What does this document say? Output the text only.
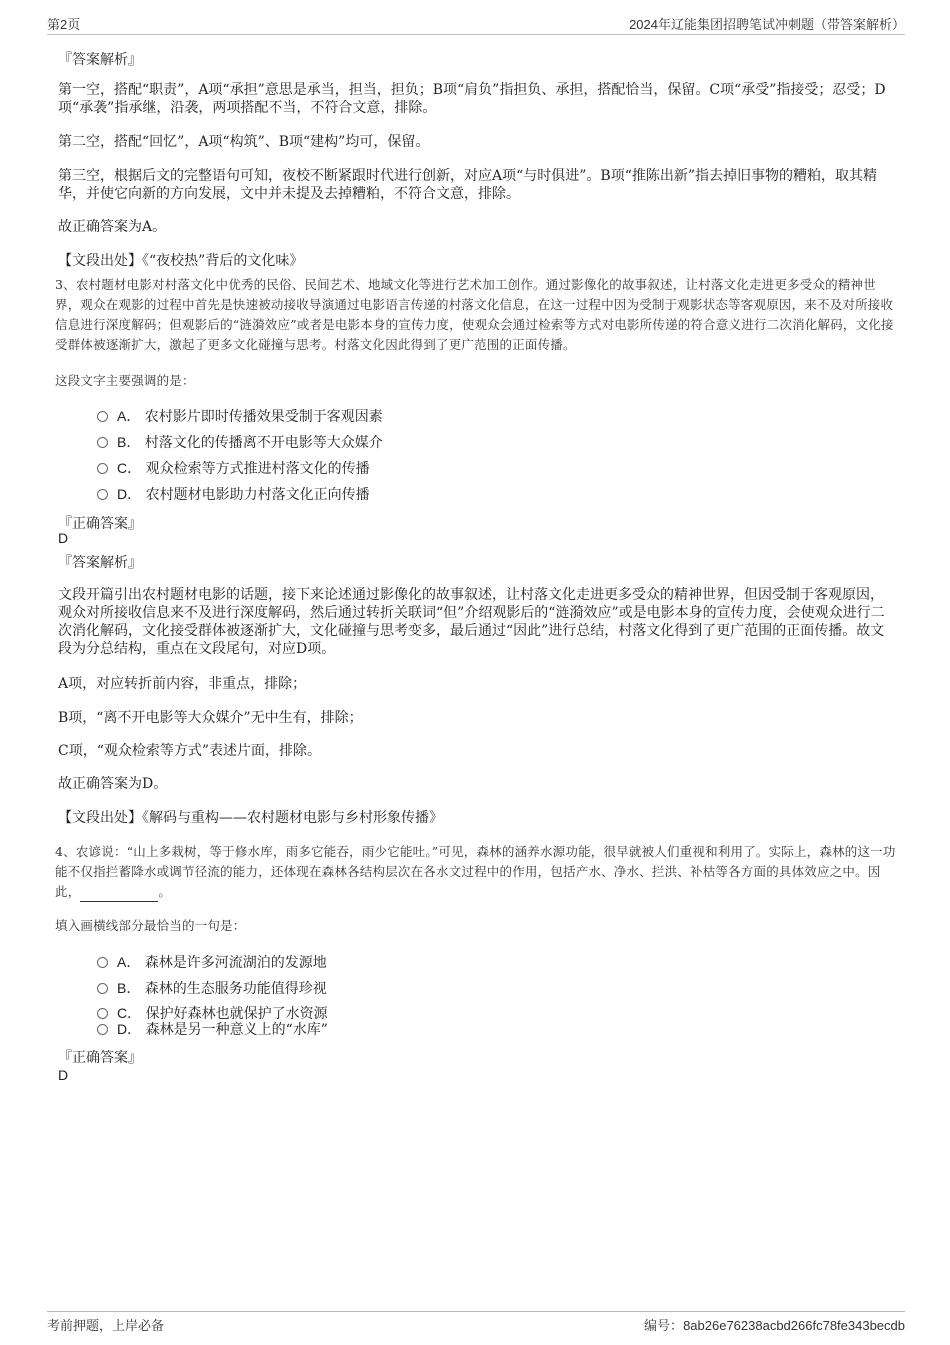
第2页	2024年辽能集团招聘笔试冲刺题（带答案解析）
『答案解析』
第一空，搭配“职责”，A项“承担”意思是承当，担当，担负；B项“肩负”指担负、承担，搭配恰当，保留。C项“承受”指接受；忍受；D项“承袭”指承继，沿袭，两项搭配不当，不符合文意，排除。
第二空，搭配“回忆”，A项“构筑”、B项“建构”均可，保留。
第三空，根据后文的完整语句可知，夜校不断紧跟时代进行创新，对应A项“与时俱进”。B项“推陈出新”指去掉旧事物的糟粕，取其精华，并使它向新的方向发展，文中并未提及去掉糟粕，不符合文意，排除。
故正确答案为A。
【文段出处】《“夜校热”背后的文化味》
3、农村题材电影对村落文化中优秀的民俗、民间艺术、地域文化等进行艺术加工创作。通过影像化的故事叙述，让村落文化走进更多受众的精神世界，观众在观影的过程中首先是快速被动接收导演通过电影语言传递的村落文化信息，在这一过程中因为受制于观影状态等客观原因，来不及对所接收信息进行深度解码；但观影后的“涟漪效应”或者是电影本身的宣传力度，使观众会通过检索等方式对电影所传递的符合意义进行二次消化解码，文化接受群体被逐渐扩大，激起了更多文化碰撞与思考。村落文化因此得到了更广范围的正面传播。
这段文字主要强调的是：
A． 农村影片即时传播效果受制于客观因素
B． 村落文化的传播离不开电影等大众媒介
C． 观众检索等方式推进村落文化的传播
D． 农村题材电影助力村落文化正向传播
『正确答案』
D
『答案解析』
文段开篇引出农村题材电影的话题，接下来论述通过影像化的故事叙述，让村落文化走进更多受众的精神世界，但因受制于客观原因，观众对所接收信息来不及进行深度解码，然后通过转折关联词“但”介绍观影后的“涟漪效应”或是电影本身的宣传力度，会使观众进行二次消化解码，文化接受群体被逐渐扩大，文化碰撞与思考变多，最后通过“因此”进行总结，村落文化得到了更广范围的正面传播。故文段为分总结构，重点在文段尾句，对应D项。
A项，对应转折前内容，非重点，排除；
B项，“离不开电影等大众媒介”无中生有，排除；
C项，“观众检索等方式”表述片面，排除。
故正确答案为D。
【文段出处】《解码与重构——农村题材电影与乡村形象传播》
4、农谚说：“山上多栽树，等于修水库，雨多它能吞，雨少它能吐。”可见，森林的涵养水源功能，很早就被人们重视和利用了。实际上，森林的这一功能不仅指拦蓄降水或调节径流的能力，还体现在森林各结构层次在各水文过程中的作用，包括产水、净水、拦洪、补枯等各方面的具体效应之中。因此，	。
填入画横线部分最恰当的一句是：
A． 森林是许多河流湖泊的发源地
B． 森林的生态服务功能值得珍视
C． 保护好森林也就保护了水资源
D． 森林是另一种意义上的“水库”
『正确答案』
D
考前押题，上岸必备	编号：8ab26e76238acbd266fc78fe343becdb
